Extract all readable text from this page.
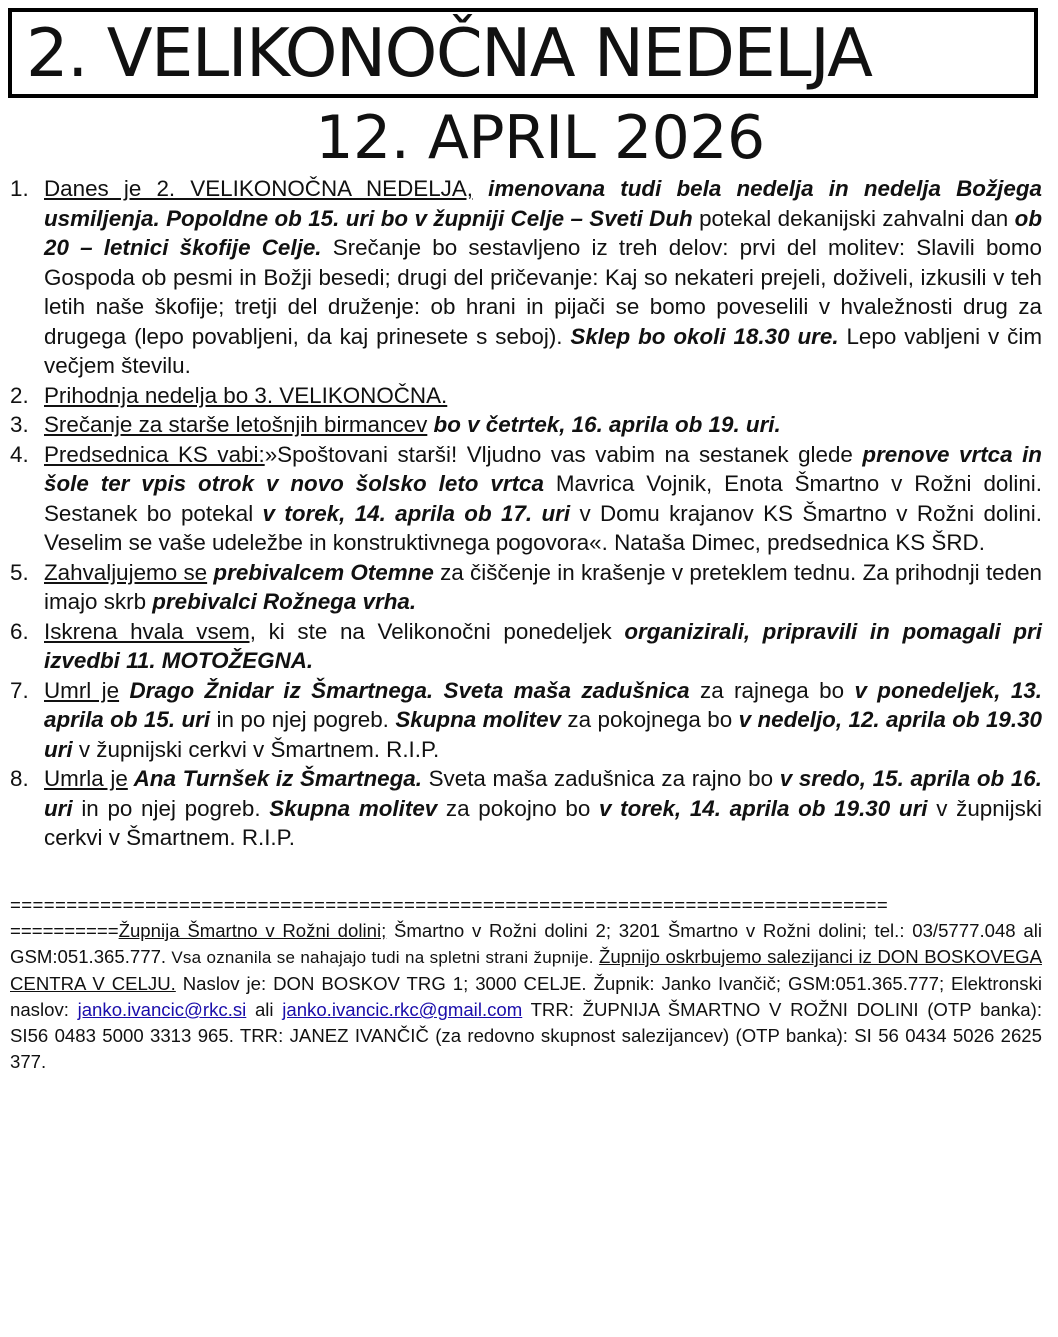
2. VELIKONOČNA NEDELJA
12. APRIL 2026
1. Danes je 2. VELIKONOČNA NEDELJA, imenovana tudi bela nedelja in nedelja Božjega usmiljenja. Popoldne ob 15. uri bo v župniji Celje – Sveti Duh potekal dekanijski zahvalni dan ob 20 – letnici škofije Celje. Srečanje bo sestavljeno iz treh delov: prvi del molitev: Slavili bomo Gospoda ob pesmi in Božji besedi; drugi del pričevanje: Kaj so nekateri prejeli, doživeli, izkusili v teh letih naše škofije; tretji del druženje: ob hrani in pijači se bomo poveselili v hvaležnosti drug za drugega (lepo povabljeni, da kaj prinesete s seboj). Sklep bo okoli 18.30 ure. Lepo vabljeni v čim večjem številu.
2. Prihodnja nedelja bo 3. VELIKONOČNA.
3. Srečanje za starše letošnjih birmancev bo v četrtek, 16. aprila ob 19. uri.
4. Predsednica KS vabi:»Spoštovani starši! Vljudno vas vabim na sestanek glede prenove vrtca in šole ter vpis otrok v novo šolsko leto vrtca Mavrica Vojnik, Enota Šmartno v Rožni dolini. Sestanek bo potekal v torek, 14. aprila ob 17. uri v Domu krajanov KS Šmartno v Rožni dolini. Veselim se vaše udeležbe in konstruktivnega pogovora«. Nataša Dimec, predsednica KS ŠRD.
5. Zahvaljujemo se prebivalcem Otemne za čiščenje in krašenje v preteklem tednu. Za prihodnji teden imajo skrb prebivalci Rožnega vrha.
6. Iskrena hvala vsem, ki ste na Velikonočni ponedeljek organizirali, pripravili in pomagali pri izvedbi 11. MOTOŽEGNA.
7. Umrl je Drago Žnidar iz Šmartnega. Sveta maša zadušnica za rajnega bo v ponedeljek, 13. aprila ob 15. uri in po njej pogreb. Skupna molitev za pokojnega bo v nedeljo, 12. aprila ob 19.30 uri v župnijski cerkvi v Šmartnem. R.I.P.
8. Umrla je Ana Turnšek iz Šmartnega. Sveta maša zadušnica za rajno bo v sredo, 15. aprila ob 16. uri in po njej pogreb. Skupna molitev za pokojno bo v torek, 14. aprila ob 19.30 uri v župnijski cerkvi v Šmartnem. R.I.P.
==============================================================================
==========Župnija Šmartno v Rožni dolini; Šmartno v Rožni dolini 2; 3201 Šmartno v Rožni dolini; tel.: 03/5777.048 ali GSM:051.365.777. Vsa oznanila se nahajajo tudi na spletni strani župnije. Župnijo oskrbujemo salezijanci iz DON BOSKOVEGA CENTRA V CELJU. Naslov je: DON BOSKOV TRG 1; 3000 CELJE. Župnik: Janko Ivančič; GSM:051.365.777; Elektronski naslov: janko.ivancic@rkc.si ali janko.ivancic.rkc@gmail.com TRR: ŽUPNIJA ŠMARTNO V ROŽNI DOLINI (OTP banka): SI56 0483 5000 3313 965. TRR: JANEZ IVANČIČ (za redovno skupnost salezijancev) (OTP banka): SI 56 0434 5026 2625 377.
